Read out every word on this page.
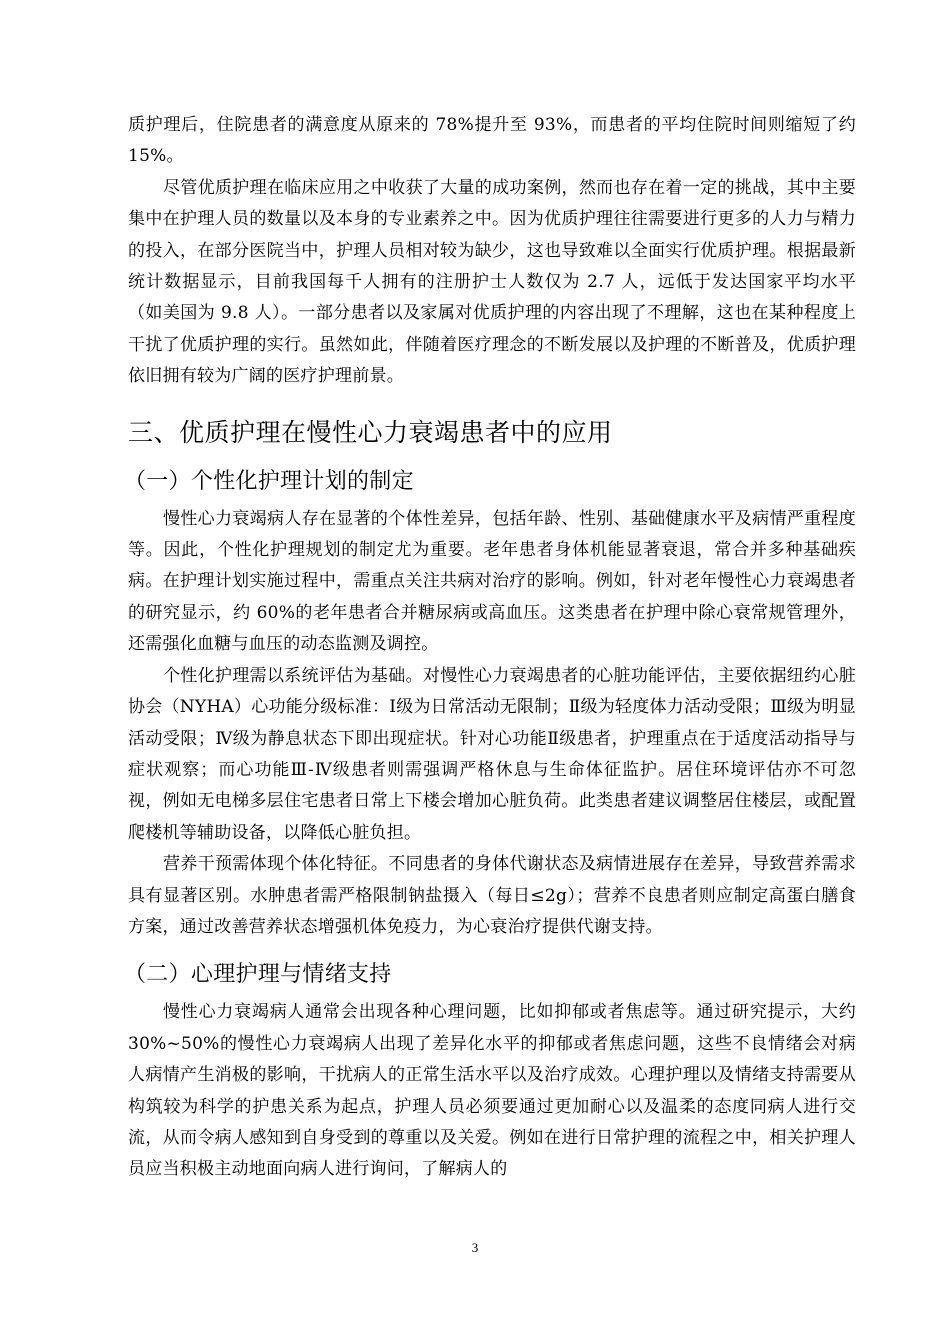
质护理后，住院患者的满意度从原来的 78%提升至 93%，而患者的平均住院时间则缩短了约 15%。

尽管优质护理在临床应用之中收获了大量的成功案例，然而也存在着一定的挑战，其中主要集中在护理人员的数量以及本身的专业素养之中。因为优质护理往往需要进行更多的人力与精力的投入，在部分医院当中，护理人员相对较为缺少，这也导致难以全面实行优质护理。根据最新统计数据显示，目前我国每千人拥有的注册护士人数仅为 2.7 人，远低于发达国家平均水平（如美国为 9.8 人）。一部分患者以及家属对优质护理的内容出现了不理解，这也在某种程度上干扰了优质护理的实行。虽然如此，伴随着医疗理念的不断发展以及护理的不断普及，优质护理依旧拥有较为广阔的医疗护理前景。

三、优质护理在慢性心力衰竭患者中的应用
（一）个性化护理计划的制定

慢性心力衰竭病人存在显著的个体性差异，包括年龄、性别、基础健康水平及病情严重程度等。因此，个性化护理规划的制定尤为重要。老年患者身体机能显著衰退，常合并多种基础疾病。在护理计划实施过程中，需重点关注共病对治疗的影响。例如，针对老年慢性心力衰竭患者的研究显示，约 60%的老年患者合并糖尿病或高血压。这类患者在护理中除心衰常规管理外，还需强化血糖与血压的动态监测及调控。

个性化护理需以系统评估为基础。对慢性心力衰竭患者的心脏功能评估，主要依据纽约心脏协会（NYHA）心功能分级标准：Ⅰ级为日常活动无限制；Ⅱ级为轻度体力活动受限；Ⅲ级为明显活动受限；Ⅳ级为静息状态下即出现症状。针对心功能Ⅱ级患者，护理重点在于适度活动指导与症状观察；而心功能Ⅲ-Ⅳ级患者则需强调严格休息与生命体征监护。居住环境评估亦不可忽视，例如无电梯多层住宅患者日常上下楼会增加心脏负荷。此类患者建议调整居住楼层，或配置爬楼机等辅助设备，以降低心脏负担。

营养干预需体现个体化特征。不同患者的身体代谢状态及病情进展存在差异，导致营养需求具有显著区别。水肿患者需严格限制钠盐摄入（每日≤2g）；营养不良患者则应制定高蛋白膳食方案，通过改善营养状态增强机体免疫力，为心衰治疗提供代谢支持。

（二）心理护理与情绪支持

慢性心力衰竭病人通常会出现各种心理问题，比如抑郁或者焦虑等。通过研究提示，大约 30%~50%的慢性心力衰竭病人出现了差异化水平的抑郁或者焦虑问题，这些不良情绪会对病人病情产生消极的影响，干扰病人的正常生活水平以及治疗成效。心理护理以及情绪支持需要从构筑较为科学的护患关系为起点，护理人员必须要通过更加耐心以及温柔的态度同病人进行交流，从而令病人感知到自身受到的尊重以及关爱。例如在进行日常护理的流程之中，相关护理人员应当积极主动地面向病人进行询问，了解病人的

3
